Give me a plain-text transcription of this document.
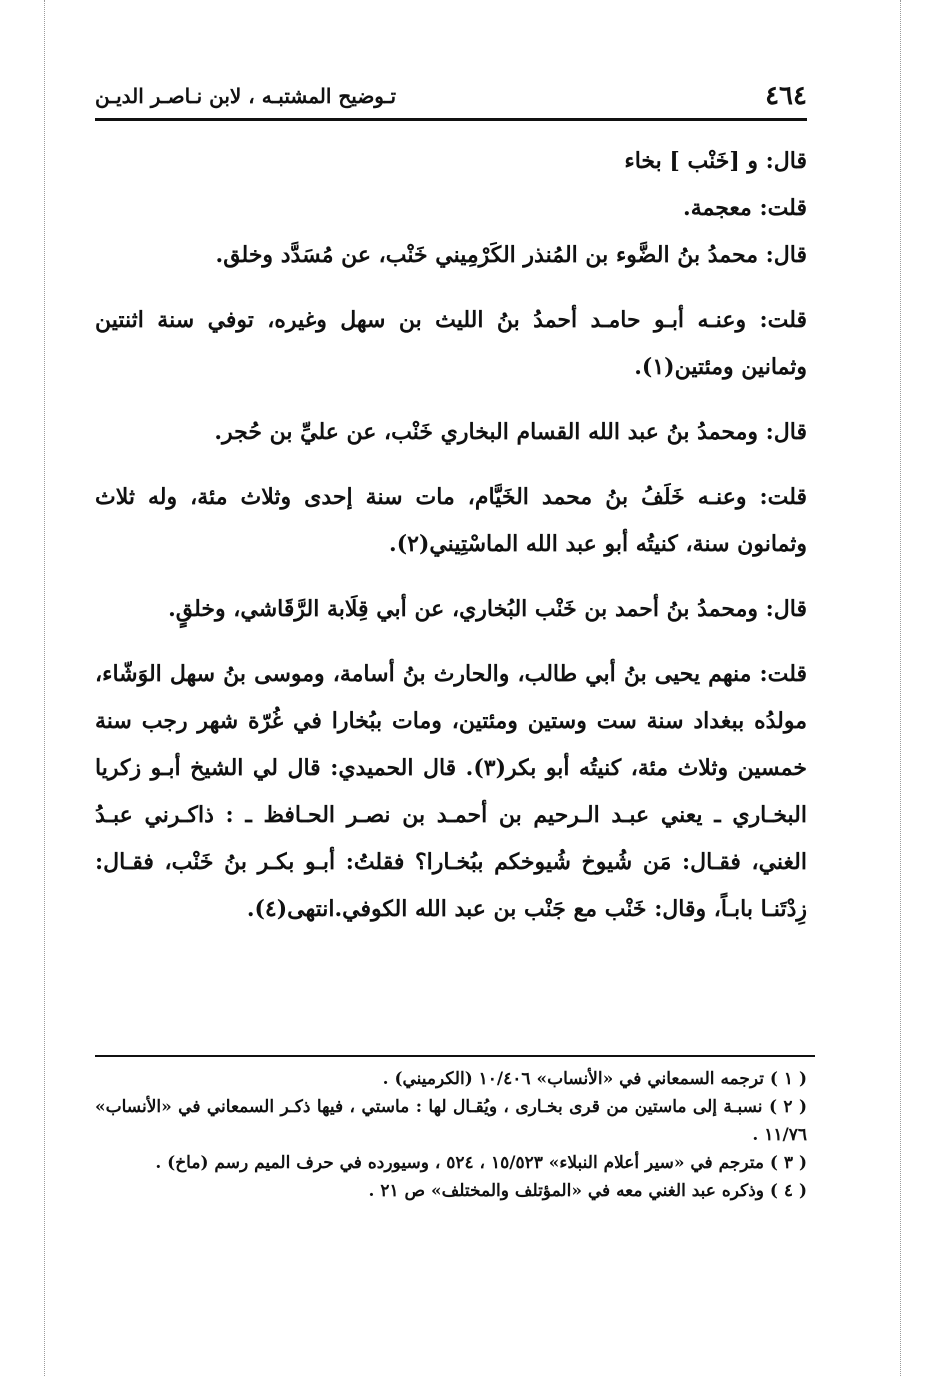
٤٦٤
تـوضيح المشتبـه ، لابن نـاصـر الديـن

قال: و [خَنْب ] بخاء

قلت: معجمة.

قال: محمدُ بنُ الضَّوء بن المُنذر الكَرْمِيني خَنْب، عن مُسَدَّد وخلق.

قلت: وعنـه أبـو حامـد أحمدُ بنُ الليث بن سهل وغيره، توفي سنة اثنتين وثمانين ومئتين(١).

قال: ومحمدُ بنُ عبد الله القسام البخاري خَنْب، عن عليِّ بن حُجر.

قلت: وعنـه خَلَفُ بنُ محمد الخَيَّام، مات سنة إحدى وثلاث مئة، وله ثلاث وثمانون سنة، كنيتُه أبو عبد الله الماسْتِيني(٢).

قال: ومحمدُ بنُ أحمد بن خَنْب البُخاري، عن أبي قِلَابة الرَّقَاشي، وخلقٍ.

قلت: منهم يحيى بنُ أبي طالب، والحارث بنُ أسامة، وموسى بنُ سهل الوَشّاء، مولدُه ببغداد سنة ست وستين ومئتين، ومات ببُخارا في غُرّة شهر رجب سنة خمسين وثلاث مئة، كنيتُه أبو بكر(٣). قال الحميدي: قال لي الشيخ أبـو زكريا البخـاري ـ يعني عبـد الـرحيم بن أحمـد بن نصـر الحـافظ ـ : ذاكـرني عبـدُ الغني، فقـال: مَن شُيوخ شُيوخكم ببُخـارا؟ فقلتُ: أبـو بكـر بنُ خَنْب، فقـال: زِدْتَنـا بابـاً، وقال: خَنْب مع جَنْب بن عبد الله الكوفي.انتهى(٤).

( ١ ) ترجمه السمعاني في «الأنساب» ١٠/٤٠٦ (الكرميني) .

( ٢ ) نسبـة إلى ماستين من قرى بخـارى ، ويُقـال لها : ماستي ، فيها ذكـر السمعاني في «الأنساب» ١١/٧٦ .

( ٣ ) مترجم في «سير أعلام النبلاء» ١٥/٥٢٣ ، ٥٢٤ ، وسيورده في حرف الميم رسم (ماخ) .

( ٤ ) وذكره عبد الغني معه في «المؤتلف والمختلف» ص ٢١ .
